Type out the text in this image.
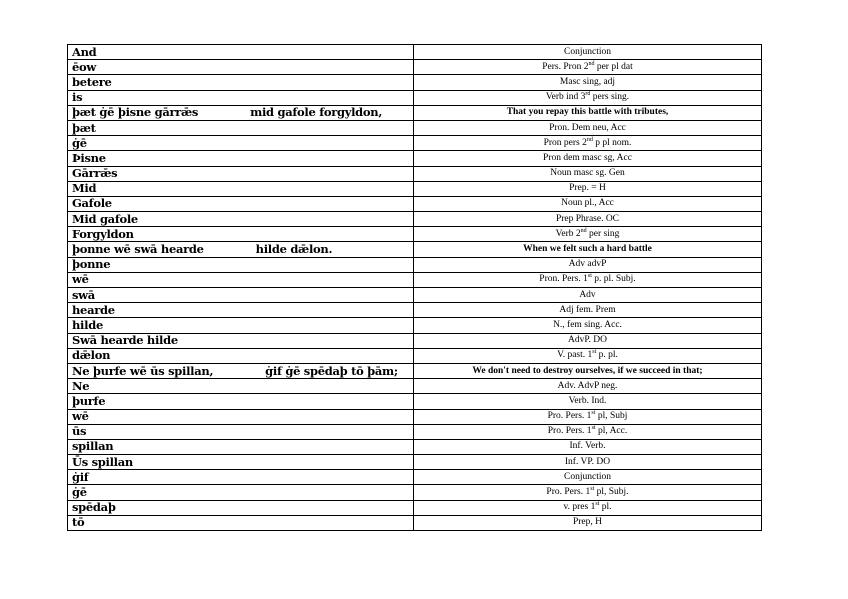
And	Conjunction
ēow	Pers. Pron 2nd per pl dat
betere	Masc sing, adj
is	Verb ind 3rd pers sing.
þæt ġē þisne gārrǣs mid gafole forgyldon,	That you repay this battle with tributes,
þæt	Pron. Dem neu, Acc
ġē	Pron pers 2nd p pl nom.
Þisne	Pron dem masc sg, Acc
Gārrǣs	Noun masc sg. Gen
Mid	Prep. = H
Gafole	Noun pl., Acc
Mid gafole	Prep Phrase. OC
Forgyldon	Verb 2nd per sing
þonne wē swā hearde hilde dǣlon.	When we felt such a hard battle
þonne	Adv advP
wē	Pron. Pers. 1st p. pl. Subj.
swā	Adv
hearde	Adj fem. Prem
hilde	N., fem sing. Acc.
Swā hearde hilde	AdvP. DO
dǣlon	V. past. 1st p. pl.
Ne þurfe wē ūs spillan, ġif ġē spēdaþ tō þām;	We don't need to destroy ourselves, if we succeed in that;
Ne	Adv. AdvP neg.
þurfe	Verb. Ind.
wē	Pro. Pers. 1st pl, Subj
ūs	Pro. Pers. 1st pl, Acc.
spillan	Inf. Verb.
Ūs spillan	Inf. VP. DO
ġif	Conjunction
ġē	Pro. Pers. 1st pl, Subj.
spēdaþ	v. pres 1st pl.
tō	Prep, H
